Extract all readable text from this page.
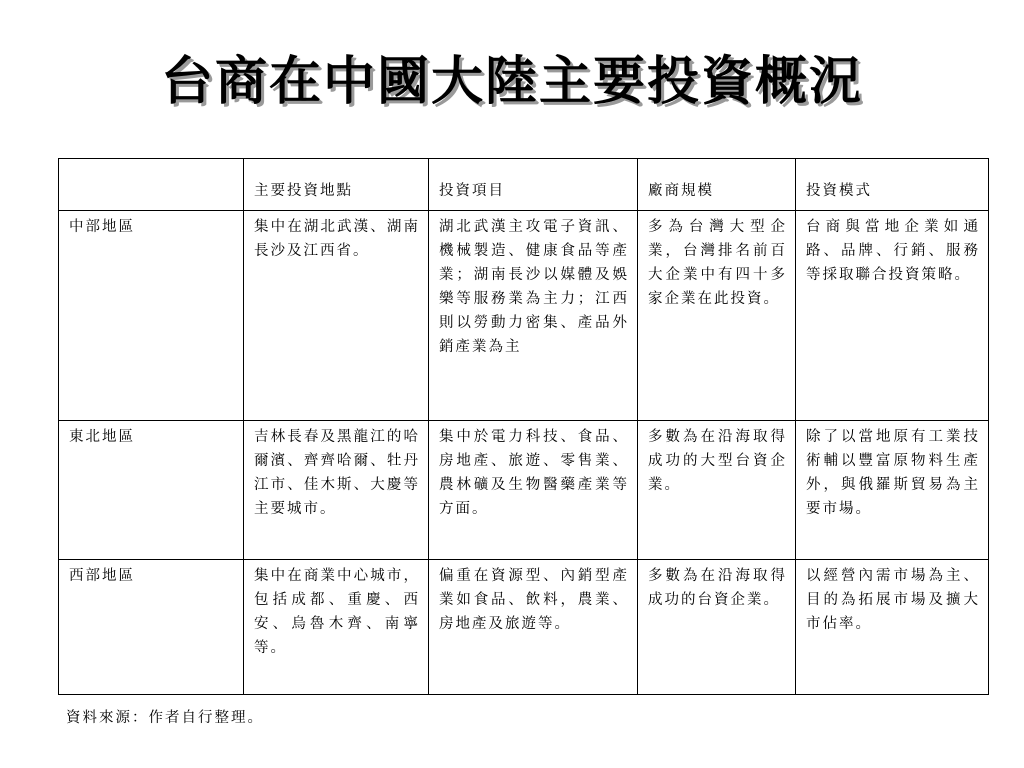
台商在中國大陸主要投資概況
	主要投資地點	投資項目	廠商規模	投資模式
中部地區	集中在湖北武漢、湖南長沙及江西省。	湖北武漢主攻電子資訊、機械製造、健康食品等產業；湖南長沙以媒體及娛樂等服務業為主力；江西則以勞動力密集、產品外銷產業為主	多為台灣大型企業，台灣排名前百大企業中有四十多家企業在此投資。	台商與當地企業如通路、品牌、行銷、服務等採取聯合投資策略。
東北地區	吉林長春及黑龍江的哈爾濱、齊齊哈爾、牡丹江市、佳木斯、大慶等主要城市。	集中於電力科技、食品、房地產、旅遊、零售業、農林礦及生物醫藥產業等方面。	多數為在沿海取得成功的大型台資企業。	除了以當地原有工業技術輔以豐富原物料生產外，與俄羅斯貿易為主要市場。
西部地區	集中在商業中心城市，包括成都、重慶、西安、烏魯木齊、南寧等。	偏重在資源型、內銷型產業如食品、飲料，農業、房地產及旅遊等。	多數為在沿海取得成功的台資企業。	以經營內需市場為主、目的為拓展市場及擴大市佔率。
資料來源：作者自行整理。
